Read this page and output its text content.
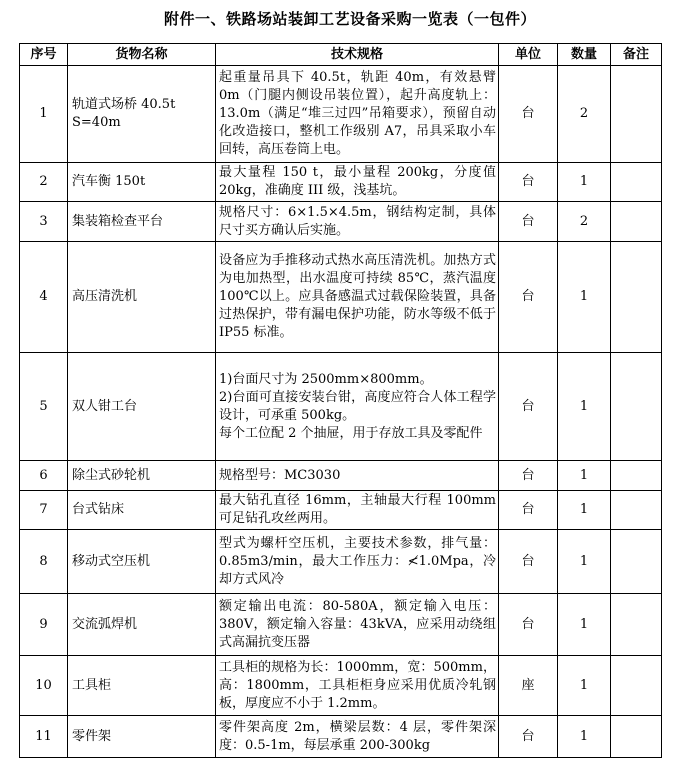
附件一、铁路场站装卸工艺设备采购一览表（一包件）
序号	货物名称	技术规格	单位	数量	备注
1	轨道式场桥 40.5t S=40m	起重量吊具下 40.5t，轨距 40m，有效悬臂 0m（门腿内侧设吊装位置），起升高度轨上：13.0m（满足“堆三过四”吊箱要求），预留自动化改造接口，整机工作级别 A7，吊具采取小车回转，高压卷筒上电。	台	2	
2	汽车衡 150t	最大量程 150 t，最小量程 200kg，分度值 20kg，准确度 III 级，浅基坑。	台	1	
3	集装箱检查平台	规格尺寸：6×1.5×4.5m，钢结构定制，具体尺寸买方确认后实施。	台	2	
4	高压清洗机	设备应为手推移动式热水高压清洗机。加热方式为电加热型，出水温度可持续 85℃，蒸汽温度 100℃以上。应具备感温式过载保险装置，具备过热保护，带有漏电保护功能，防水等级不低于 IP55 标准。	台	1	
5	双人钳工台	1)台面尺寸为 2500mm×800mm。
2)台面可直接安装台钳，高度应符合人体工程学设计，可承重 500kg。
每个工位配 2 个抽屉，用于存放工具及零配件	台	1	
6	除尘式砂轮机	规格型号：MC3030	台	1	
7	台式钻床	最大钻孔直径 16mm，主轴最大行程 100mm 可足钻孔攻丝两用。	台	1	
8	移动式空压机	型式为螺杆空压机，主要技术参数，排气量：0.85m3/min，最大工作压力：≮1.0Mpa，冷却方式风冷	台	1	
9	交流弧焊机	额定输出电流：80-580A，额定输入电压：380V，额定输入容量：43kVA，应采用动绕组式高漏抗变压器	台	1	
10	工具柜	工具柜的规格为长：1000mm，宽：500mm，高：1800mm，工具柜柜身应采用优质冷轧钢板，厚度应不小于 1.2mm。	座	1	
11	零件架	零件架高度 2m，横梁层数：4 层，零件架深度：0.5-1m，每层承重 200-300kg	台	1	
